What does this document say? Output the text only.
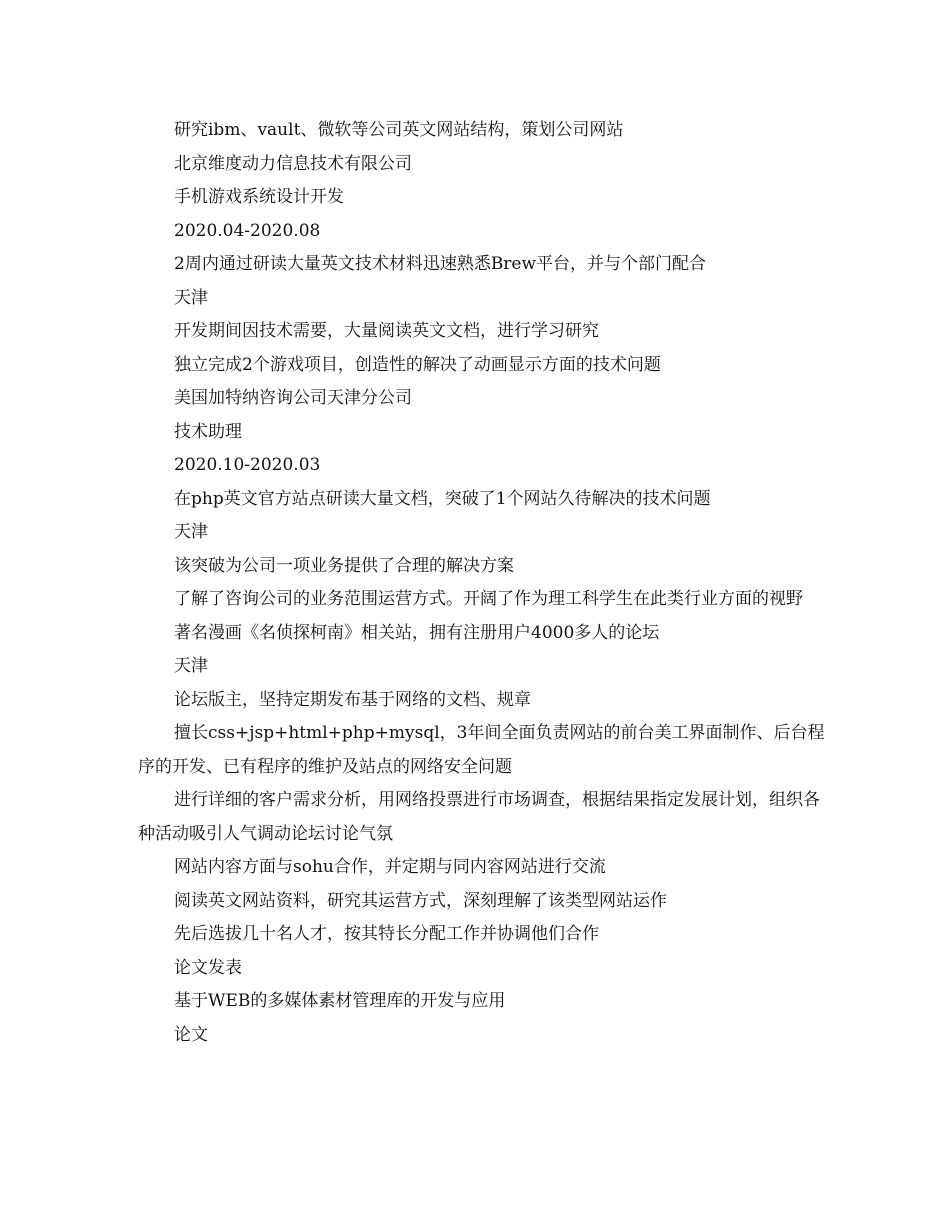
研究ibm、vault、微软等公司英文网站结构，策划公司网站

北京维度动力信息技术有限公司

手机游戏系统设计开发

2020.04-2020.08

2周内通过研读大量英文技术材料迅速熟悉Brew平台，并与个部门配合

天津

开发期间因技术需要，大量阅读英文文档，进行学习研究

独立完成2个游戏项目，创造性的解决了动画显示方面的技术问题

美国加特纳咨询公司天津分公司

技术助理

2020.10-2020.03

在php英文官方站点研读大量文档，突破了1个网站久待解决的技术问题

天津

该突破为公司一项业务提供了合理的解决方案

了解了咨询公司的业务范围运营方式。开阔了作为理工科学生在此类行业方面的视野

著名漫画《名侦探柯南》相关站，拥有注册用户4000多人的论坛

天津

论坛版主，坚持定期发布基于网络的文档、规章

擅长css+jsp+html+php+mysql，3年间全面负责网站的前台美工界面制作、后台程序的开发、已有程序的维护及站点的网络安全问题

进行详细的客户需求分析，用网络投票进行市场调查，根据结果指定发展计划，组织各种活动吸引人气调动论坛讨论气氛

网站内容方面与sohu合作，并定期与同内容网站进行交流

阅读英文网站资料，研究其运营方式，深刻理解了该类型网站运作

先后选拔几十名人才，按其特长分配工作并协调他们合作

论文发表

基于WEB的多媒体素材管理库的开发与应用

论文
